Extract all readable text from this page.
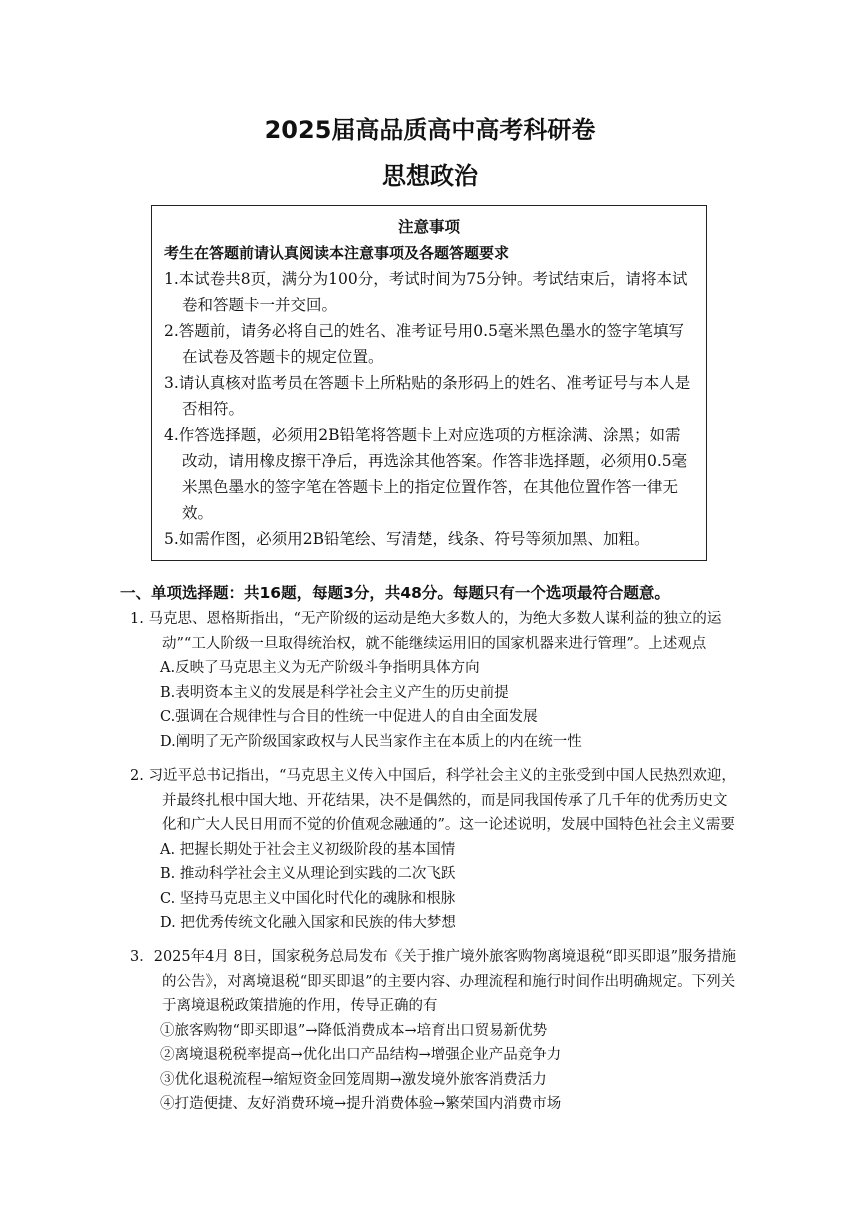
2025届高品质高中高考科研卷
思想政治
注意事项
考生在答题前请认真阅读本注意事项及各题答题要求
1.本试卷共8页，满分为100分，考试时间为75分钟。考试结束后，请将本试卷和答题卡一并交回。
2.答题前，请务必将自己的姓名、准考证号用0.5毫米黑色墨水的签字笔填写在试卷及答题卡的规定位置。
3.请认真核对监考员在答题卡上所粘贴的条形码上的姓名、准考证号与本人是否相符。
4.作答选择题，必须用2B铅笔将答题卡上对应选项的方框涂满、涂黑；如需改动，请用橡皮擦干净后，再选涂其他答案。作答非选择题，必须用0.5毫米黑色墨水的签字笔在答题卡上的指定位置作答，在其他位置作答一律无效。
5.如需作图，必须用2B铅笔绘、写清楚，线条、符号等须加黑、加粗。
一、单项选择题：共16题，每题3分，共48分。每题只有一个选项最符合题意。
1. 马克思、恩格斯指出，“无产阶级的运动是绝大多数人的，为绝大多数人谋利益的独立的运动”“工人阶级一旦取得统治权，就不能继续运用旧的国家机器来进行管理”。上述观点
A.反映了马克思主义为无产阶级斗争指明具体方向
B.表明资本主义的发展是科学社会主义产生的历史前提
C.强调在合规律性与合目的性统一中促进人的自由全面发展
D.阐明了无产阶级国家政权与人民当家作主在本质上的内在统一性
2. 习近平总书记指出，“马克思主义传入中国后，科学社会主义的主张受到中国人民热烈欢迎，并最终扎根中国大地、开花结果，决不是偶然的，而是同我国传承了几千年的优秀历史文化和广大人民日用而不觉的价值观念融通的”。这一论述说明，发展中国特色社会主义需要
A. 把握长期处于社会主义初级阶段的基本国情
B. 推动科学社会主义从理论到实践的二次飞跃
C. 坚持马克思主义中国化时代化的魂脉和根脉
D. 把优秀传统文化融入国家和民族的伟大梦想
3．2025年4月 8日，国家税务总局发布《关于推广境外旅客购物离境退税“即买即退”服务措施的公告》，对离境退税“即买即退”的主要内容、办理流程和施行时间作出明确规定。下列关于离境退税政策措施的作用，传导正确的有
①旅客购物“即买即退”→降低消费成本→培育出口贸易新优势
②离境退税税率提高→优化出口产品结构→增强企业产品竞争力
③优化退税流程→缩短资金回笼周期→激发境外旅客消费活力
④打造便捷、友好消费环境→提升消费体验→繁荣国内消费市场
